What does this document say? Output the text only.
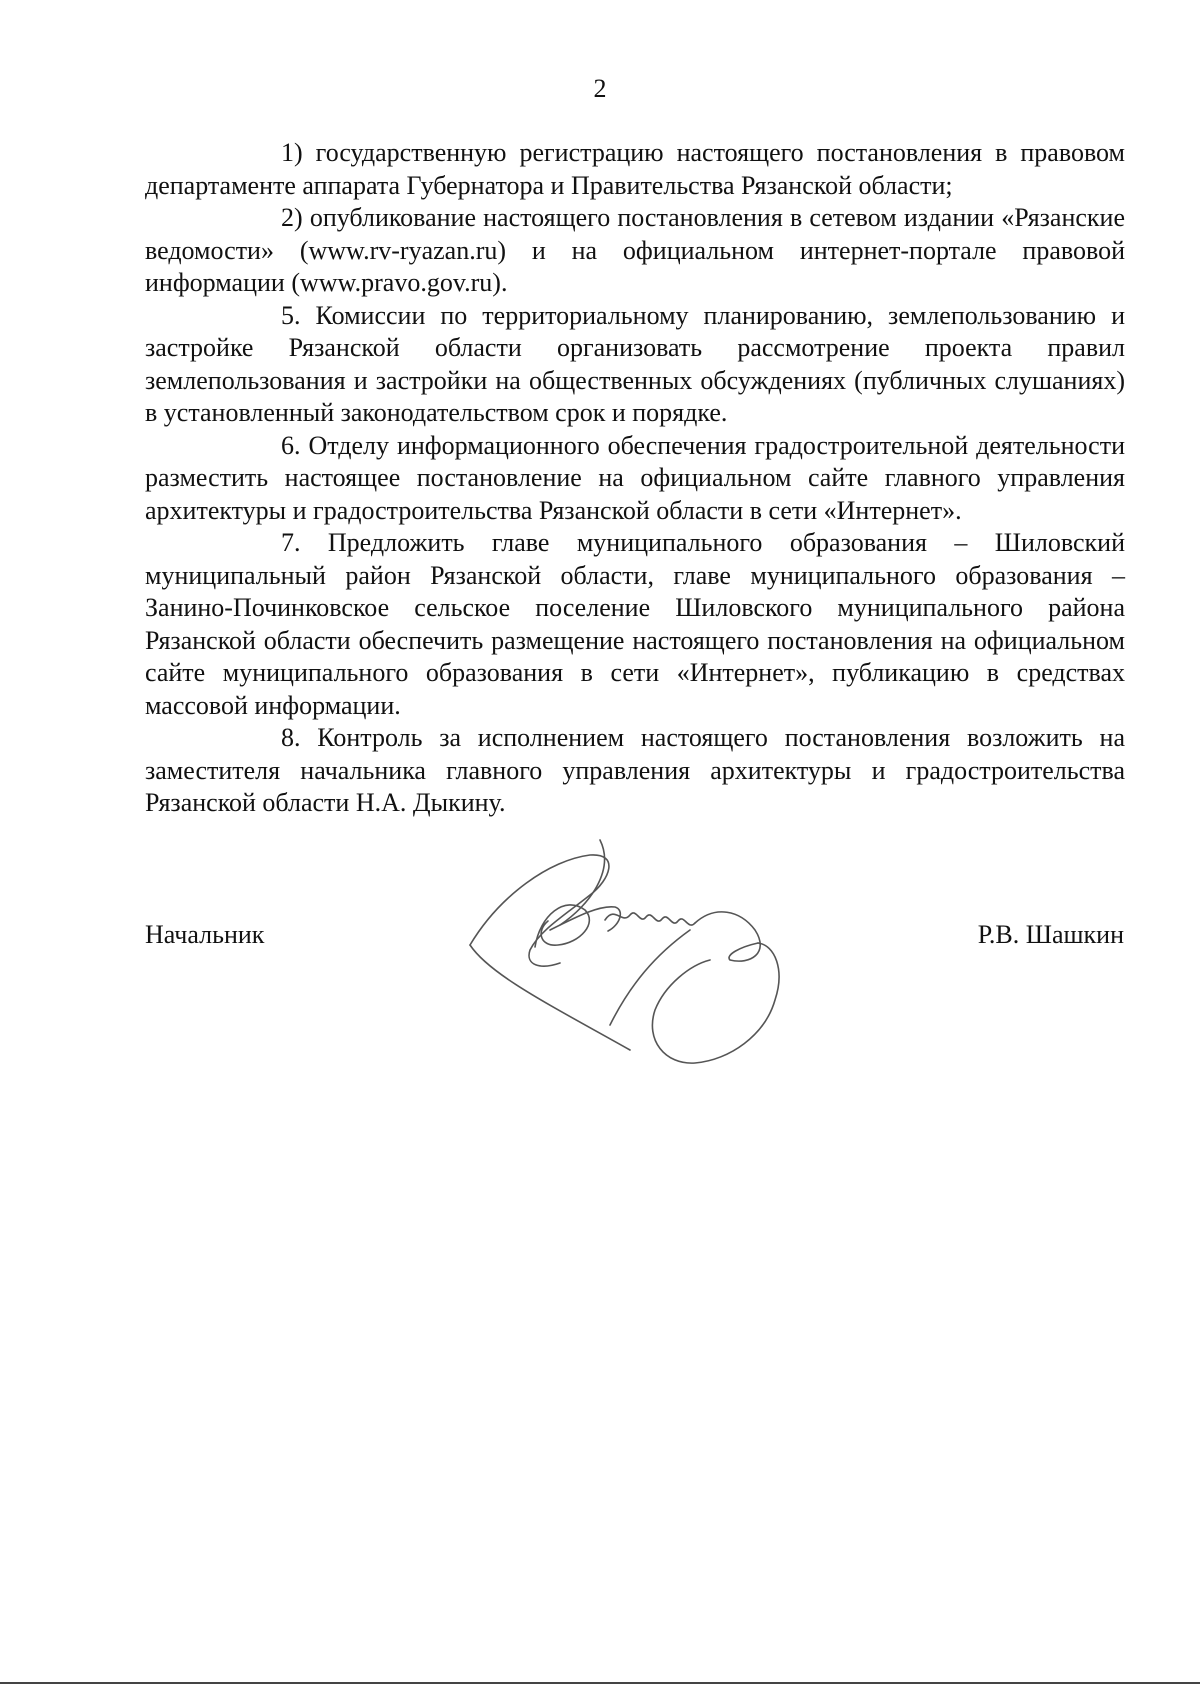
2

1) государственную регистрацию настоящего постановления в правовом департаменте аппарата Губернатора и Правительства Рязанской области;

2) опубликование настоящего постановления в сетевом издании «Рязанские ведомости» (www.rv-ryazan.ru) и на официальном интернет-портале правовой информации (www.pravo.gov.ru).

5. Комиссии по территориальному планированию, землепользованию и застройке Рязанской области организовать рассмотрение проекта правил землепользования и застройки на общественных обсуждениях (публичных слушаниях) в установленный законодательством срок и порядке.

6. Отделу информационного обеспечения градостроительной деятельности разместить настоящее постановление на официальном сайте главного управления архитектуры и градостроительства Рязанской области в сети «Интернет».

7. Предложить главе муниципального образования – Шиловский муниципальный район Рязанской области, главе муниципального образования – Занино-Починковское сельское поселение Шиловского муниципального района Рязанской области обеспечить размещение настоящего постановления на официальном сайте муниципального образования в сети «Интернет», публикацию в средствах массовой информации.

8. Контроль за исполнением настоящего постановления возложить на заместителя начальника главного управления архитектуры и градостроительства Рязанской области Н.А. Дыкину.

Начальник	Р.В. Шашкин
